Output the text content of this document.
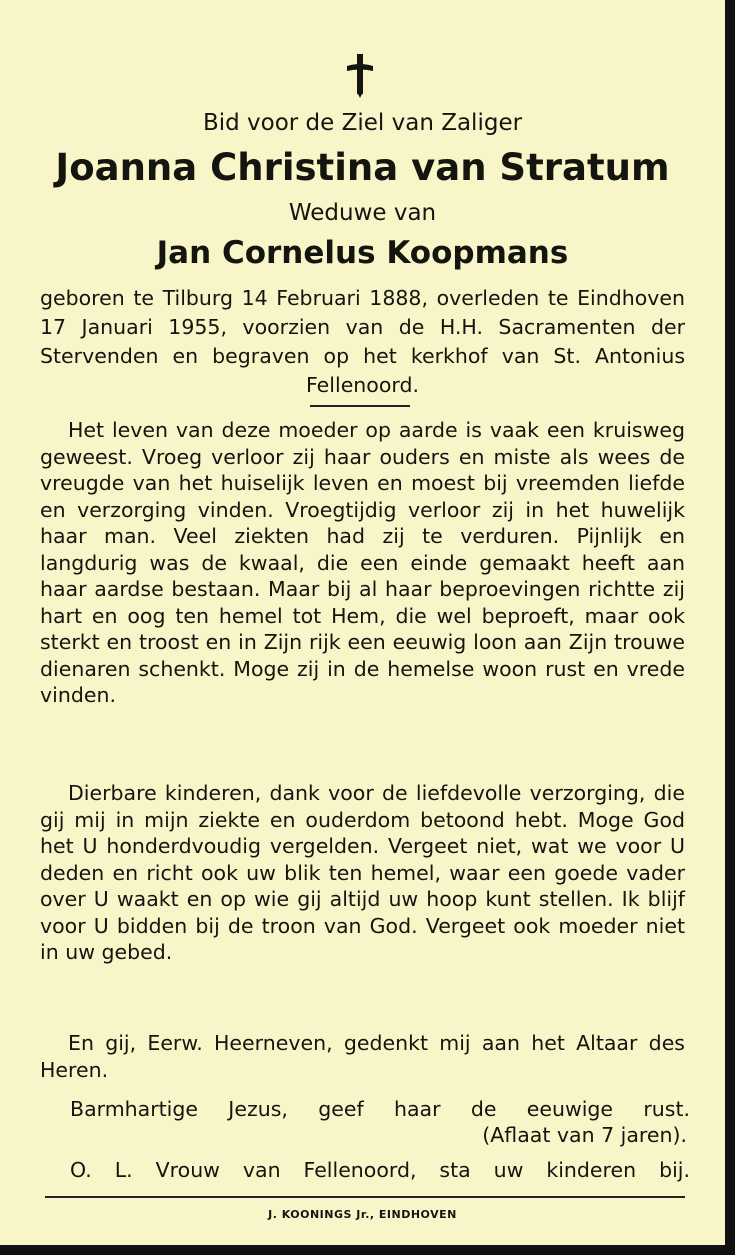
Bid voor de Ziel van Zaliger
Joanna Christina van Stratum
Weduwe van
Jan Cornelus Koopmans
geboren te Tilburg 14 Februari 1888, overleden te Eindhoven 17 Januari 1955, voorzien van de H.H. Sacramenten der Stervenden en begraven op het kerkhof van St. Antonius Fellenoord.
Het leven van deze moeder op aarde is vaak een kruisweg geweest. Vroeg verloor zij haar ouders en miste als wees de vreugde van het huiselijk leven en moest bij vreemden liefde en verzorging vinden. Vroegtijdig verloor zij in het huwelijk haar man. Veel ziekten had zij te verduren. Pijnlijk en langdurig was de kwaal, die een einde gemaakt heeft aan haar aardse bestaan. Maar bij al haar beproevingen richtte zij hart en oog ten hemel tot Hem, die wel beproeft, maar ook sterkt en troost en in Zijn rijk een eeuwig loon aan Zijn trouwe dienaren schenkt. Moge zij in de hemelse woon rust en vrede vinden.
Dierbare kinderen, dank voor de liefdevolle verzorging, die gij mij in mijn ziekte en ouderdom betoond hebt. Moge God het U honderdvoudig vergelden. Vergeet niet, wat we voor U deden en richt ook uw blik ten hemel, waar een goede vader over U waakt en op wie gij altijd uw hoop kunt stellen. Ik blijf voor U bidden bij de troon van God. Vergeet ook moeder niet in uw gebed.
En gij, Eerw. Heerneven, gedenkt mij aan het Altaar des Heren.
Barmhartige Jezus, geef haar de eeuwige rust.
(Aflaat van 7 jaren).
O. L. Vrouw van Fellenoord, sta uw kinderen bij.
J. KOONINGS Jr., EINDHOVEN
